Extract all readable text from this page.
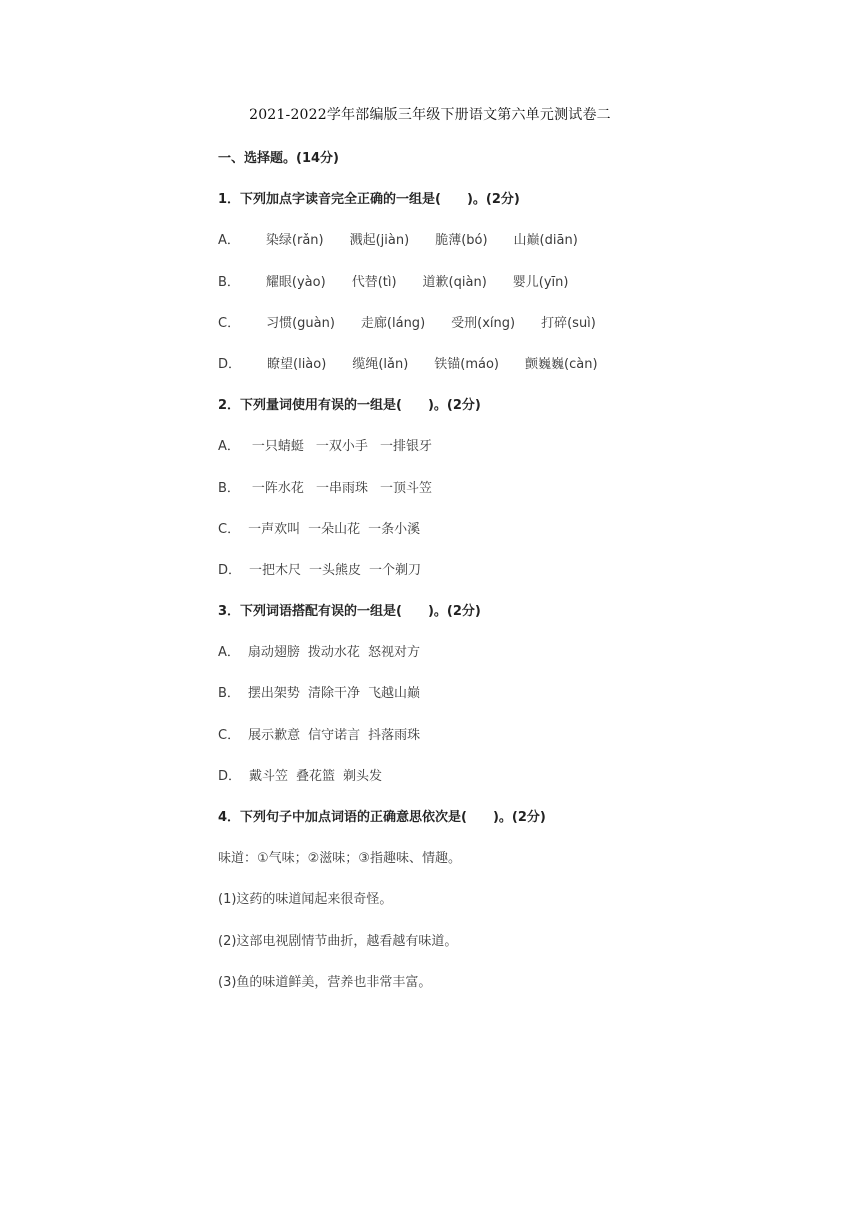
2021-2022学年部编版三年级下册语文第六单元测试卷二
一、选择题。(14分)
1．下列加点字读音完全正确的一组是(　　)。(2分)
A． 染绿(rǎn) 溅起(jiàn) 脆薄(bó) 山巅(diān)
B． 耀眼(yào) 代替(tì) 道歉(qiàn) 婴儿(yīn)
C． 习惯(guàn) 走廊(láng) 受刑(xíng) 打碎(suì)
D． 瞭望(liào) 缆绳(lǎn) 铁锚(máo) 颤巍巍(càn)
2．下列量词使用有误的一组是(　　)。(2分)
A． 一只蜻蜓 一双小手 一排银牙
B． 一阵水花 一串雨珠 一顶斗笠
C． 一声欢叫 一朵山花 一条小溪
D． 一把木尺 一头熊皮 一个剃刀
3．下列词语搭配有误的一组是(　　)。(2分)
A． 扇动翅膀 拨动水花 怒视对方
B． 摆出架势 清除干净 飞越山巅
C． 展示歉意 信守诺言 抖落雨珠
D． 戴斗笠 叠花篮 剃头发
4．下列句子中加点词语的正确意思依次是(　　)。(2分)
味道：①气味；②滋味；③指趣味、情趣。
(1)这药的味道闻起来很奇怪。
(2)这部电视剧情节曲折，越看越有味道。
(3)鱼的味道鲜美，营养也非常丰富。
